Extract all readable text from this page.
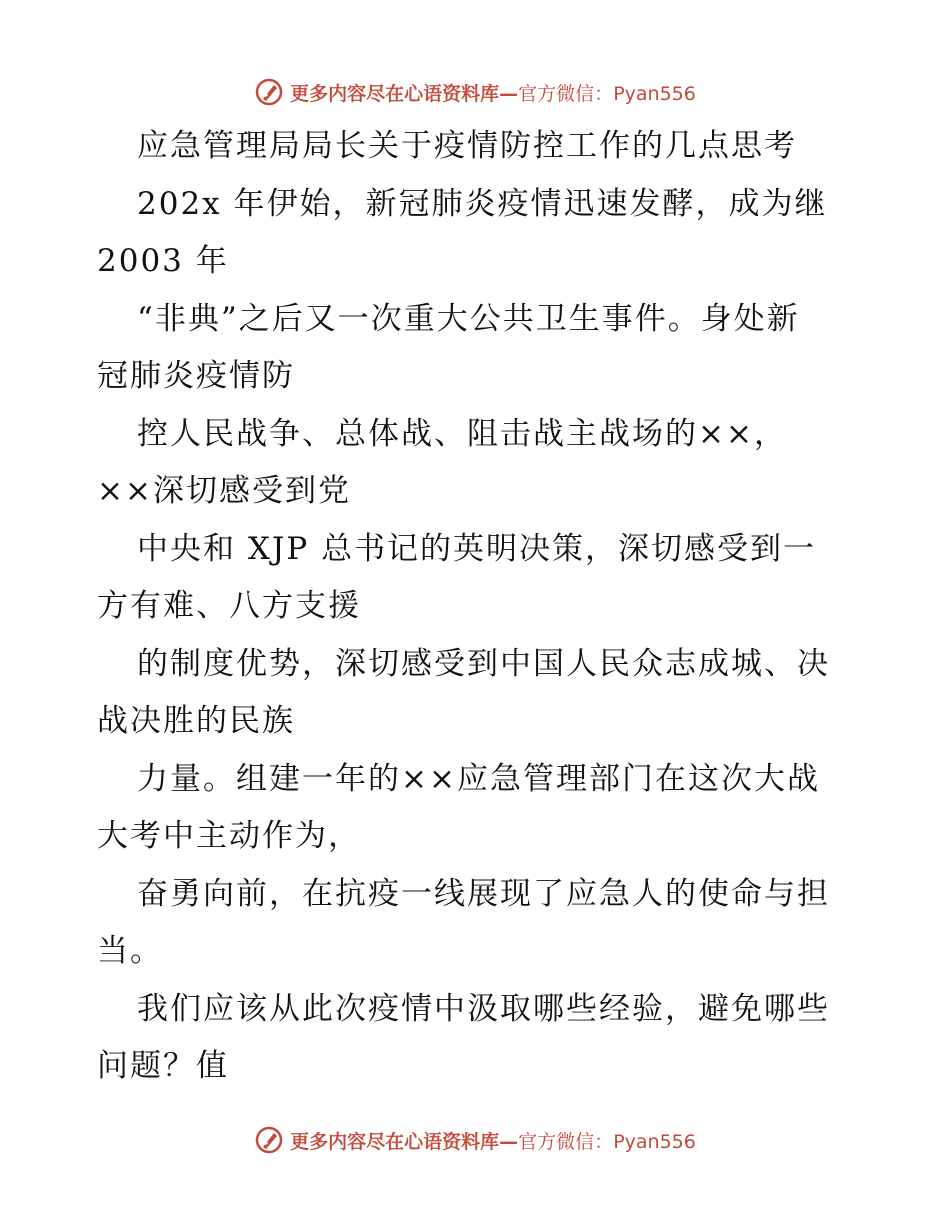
更多内容尽在心语资料库—官方微信：Pyan556
应急管理局局长关于疫情防控工作的几点思考
202x 年伊始，新冠肺炎疫情迅速发酵，成为继
2003 年
“非典”之后又一次重大公共卫生事件。身处新
冠肺炎疫情防
控人民战争、总体战、阻击战主战场的××，
××深切感受到党
中央和 XJP 总书记的英明决策，深切感受到一
方有难、八方支援
的制度优势，深切感受到中国人民众志成城、决
战决胜的民族
力量。组建一年的××应急管理部门在这次大战
大考中主动作为，
奋勇向前，在抗疫一线展现了应急人的使命与担
当。
我们应该从此次疫情中汲取哪些经验，避免哪些
问题？值
更多内容尽在心语资料库—官方微信：Pyan556
